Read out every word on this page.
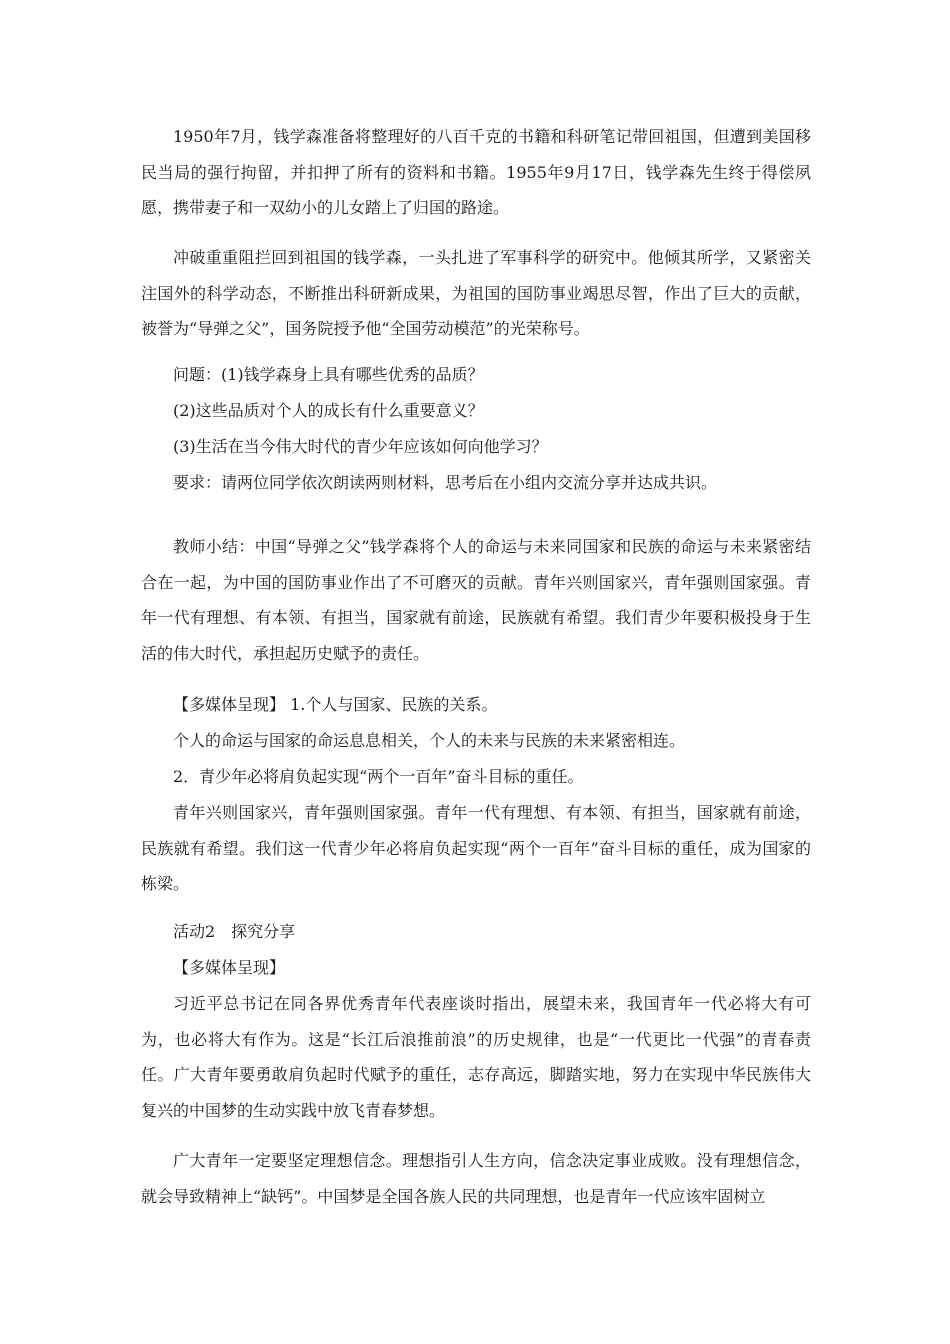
1950年7月，钱学森准备将整理好的八百千克的书籍和科研笔记带回祖国，但遭到美国移民当局的强行拘留，并扣押了所有的资料和书籍。1955年9月17日，钱学森先生终于得偿夙愿，携带妻子和一双幼小的儿女踏上了归国的路途。

冲破重重阻拦回到祖国的钱学森，一头扎进了军事科学的研究中。他倾其所学，又紧密关注国外的科学动态，不断推出科研新成果，为祖国的国防事业竭思尽智，作出了巨大的贡献，被誉为“导弹之父”，国务院授予他“全国劳动模范”的光荣称号。

问题：(1)钱学森身上具有哪些优秀的品质？

(2)这些品质对个人的成长有什么重要意义？

(3)生活在当今伟大时代的青少年应该如何向他学习？

要求：请两位同学依次朗读两则材料，思考后在小组内交流分享并达成共识。

教师小结：中国“导弹之父”钱学森将个人的命运与未来同国家和民族的命运与未来紧密结合在一起，为中国的国防事业作出了不可磨灭的贡献。青年兴则国家兴，青年强则国家强。青年一代有理想、有本领、有担当，国家就有前途，民族就有希望。我们青少年要积极投身于生活的伟大时代，承担起历史赋予的责任。

【多媒体呈现】 1.个人与国家、民族的关系。

个人的命运与国家的命运息息相关，个人的未来与民族的未来紧密相连。

2．青少年必将肩负起实现“两个一百年”奋斗目标的重任。

青年兴则国家兴，青年强则国家强。青年一代有理想、有本领、有担当，国家就有前途，民族就有希望。我们这一代青少年必将肩负起实现“两个一百年”奋斗目标的重任，成为国家的栋梁。

活动2　探究分享

【多媒体呈现】

习近平总书记在同各界优秀青年代表座谈时指出，展望未来，我国青年一代必将大有可为，也必将大有作为。这是“长江后浪推前浪”的历史规律，也是“一代更比一代强”的青春责任。广大青年要勇敢肩负起时代赋予的重任，志存高远，脚踏实地，努力在实现中华民族伟大复兴的中国梦的生动实践中放飞青春梦想。

广大青年一定要坚定理想信念。理想指引人生方向，信念决定事业成败。没有理想信念，就会导致精神上“缺钙”。中国梦是全国各族人民的共同理想，也是青年一代应该牢固树立
